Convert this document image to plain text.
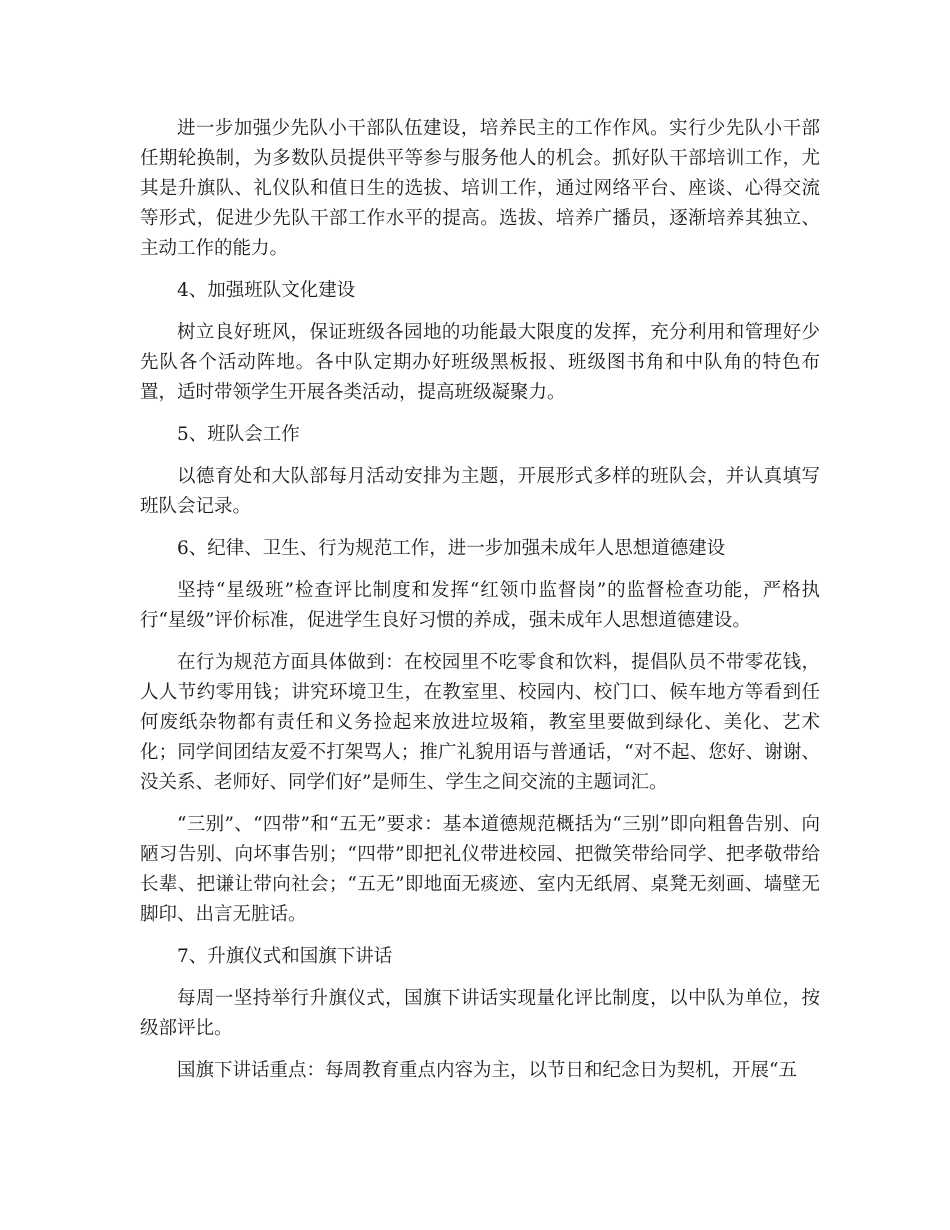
进一步加强少先队小干部队伍建设，培养民主的工作作风。实行少先队小干部任期轮换制，为多数队员提供平等参与服务他人的机会。抓好队干部培训工作，尤其是升旗队、礼仪队和值日生的选拔、培训工作，通过网络平台、座谈、心得交流等形式，促进少先队干部工作水平的提高。选拔、培养广播员，逐渐培养其独立、主动工作的能力。

4、加强班队文化建设

树立良好班风，保证班级各园地的功能最大限度的发挥，充分利用和管理好少先队各个活动阵地。各中队定期办好班级黑板报、班级图书角和中队角的特色布置，适时带领学生开展各类活动，提高班级凝聚力。

5、班队会工作

以德育处和大队部每月活动安排为主题，开展形式多样的班队会，并认真填写班队会记录。

6、纪律、卫生、行为规范工作，进一步加强未成年人思想道德建设

坚持“星级班”检查评比制度和发挥“红领巾监督岗”的监督检查功能，严格执行“星级”评价标准，促进学生良好习惯的养成，强未成年人思想道德建设。

在行为规范方面具体做到：在校园里不吃零食和饮料，提倡队员不带零花钱，人人节约零用钱；讲究环境卫生，在教室里、校园内、校门口、候车地方等看到任何废纸杂物都有责任和义务捡起来放进垃圾箱，教室里要做到绿化、美化、艺术化；同学间团结友爱不打架骂人；推广礼貌用语与普通话，“对不起、您好、谢谢、没关系、老师好、同学们好”是师生、学生之间交流的主题词汇。

“三别”、“四带”和“五无”要求：基本道德规范概括为“三别”即向粗鲁告别、向陋习告别、向坏事告别；“四带”即把礼仪带进校园、把微笑带给同学、把孝敬带给长辈、把谦让带向社会；“五无”即地面无痰迹、室内无纸屑、桌凳无刻画、墙壁无脚印、出言无脏话。

7、升旗仪式和国旗下讲话

每周一坚持举行升旗仪式，国旗下讲话实现量化评比制度，以中队为单位，按级部评比。

国旗下讲话重点：每周教育重点内容为主，以节日和纪念日为契机，开展“五
